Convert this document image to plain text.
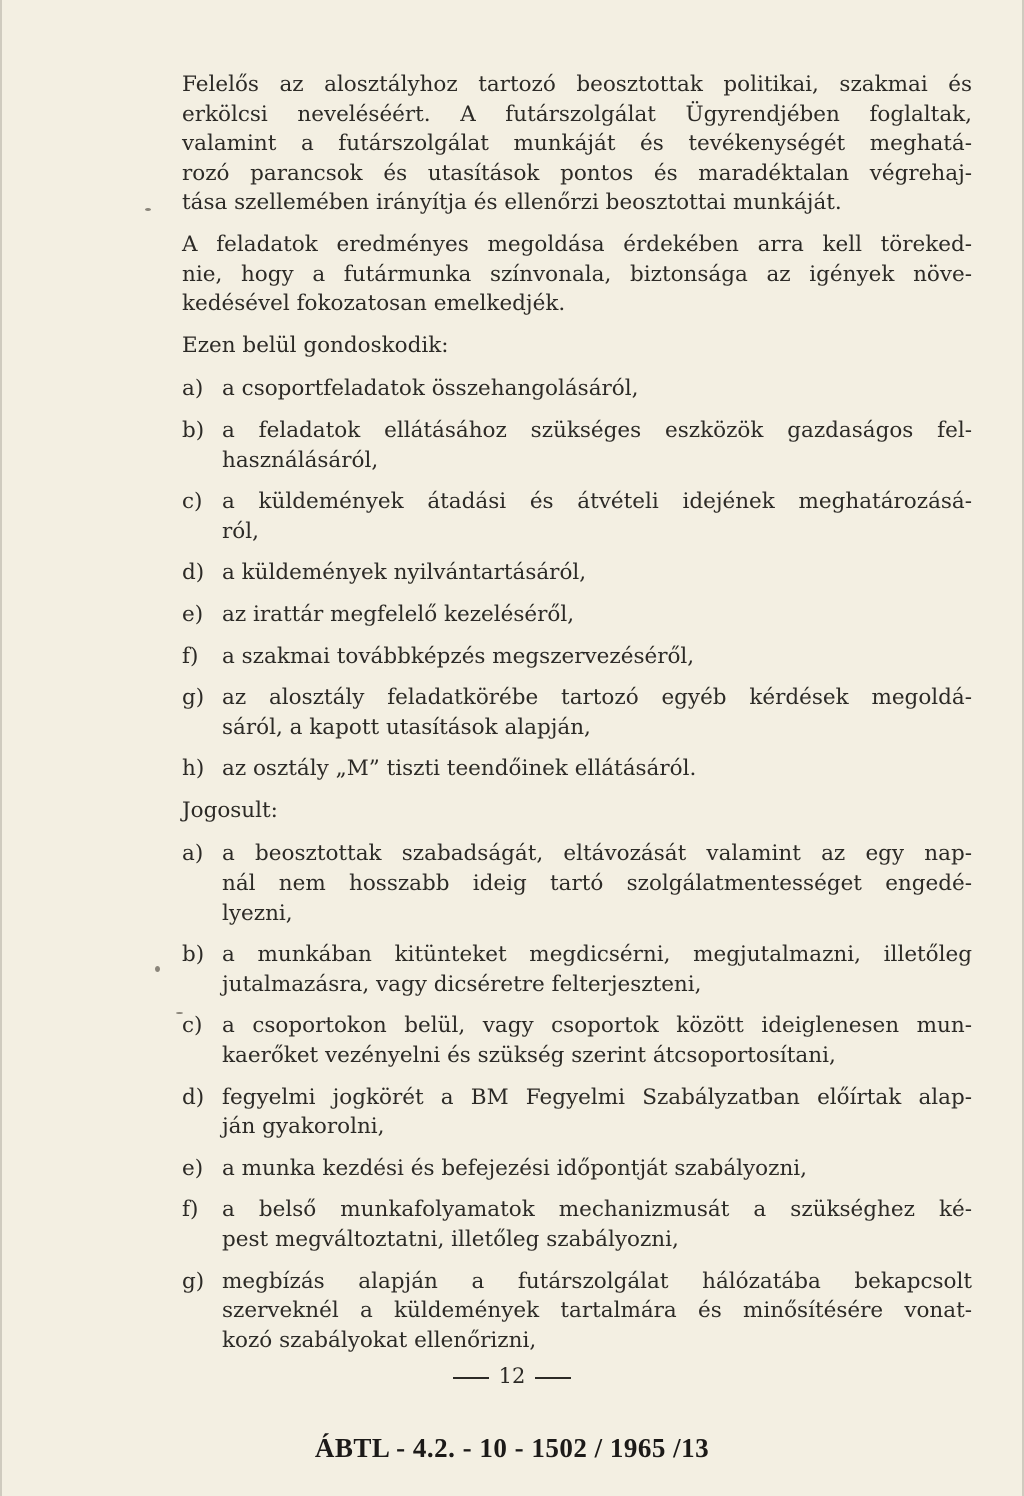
Felelős az alosztályhoz tartozó beosztottak politikai, szakmai és
erkölcsi neveléséért. A futárszolgálat Ügyrendjében foglaltak,
valamint a futárszolgálat munkáját és tevékenységét meghatá-
rozó parancsok és utasítások pontos és maradéktalan végrehaj-
tása szellemében irányítja és ellenőrzi beosztottai munkáját.
A feladatok eredményes megoldása érdekében arra kell töreked-
nie, hogy a futármunka színvonala, biztonsága az igények növe-
kedésével fokozatosan emelkedjék.
Ezen belül gondoskodik:
a) a csoportfeladatok összehangolásáról,
b) a feladatok ellátásához szükséges eszközök gazdaságos fel-
használásáról,
c) a küldemények átadási és átvételi idejének meghatározásá-
ról,
d) a küldemények nyilvántartásáról,
e) az irattár megfelelő kezeléséről,
f)	a szakmai továbbképzés megszervezéséről,
g) az alosztály feladatkörébe tartozó egyéb kérdések megoldá-
sáról, a kapott utasítások alapján,
h) az osztály „M” tiszti teendőinek ellátásáról.
Jogosult:
a) a beosztottak szabadságát, eltávozását valamint az egy nap-
nál nem hosszabb ideig tartó szolgálatmentességet engedé-
lyezni,
b) a munkában kitünteket megdicsérni, megjutalmazni, illetőleg
jutalmazásra, vagy dicséretre felterjeszteni,
c) a csoportokon belül, vagy csoportok között ideiglenesen mun-
kaerőket vezényelni és szükség szerint átcsoportosítani,
d) fegyelmi jogkörét a BM Fegyelmi Szabályzatban előírtak alap-
ján gyakorolni,
e) a munka kezdési és befejezési időpontját szabályozni,
f)	a belső munkafolyamatok mechanizmusát a szükséghez ké-
pest megváltoztatni, illetőleg szabályozni,
g) megbízás alapján a futárszolgálat hálózatába bekapcsolt
szerveknél a küldemények tartalmára és minősítésére vonat-
kozó szabályokat ellenőrizni,
12
ÁBTL - 4.2. - 10 - 1502 / 1965 /13
